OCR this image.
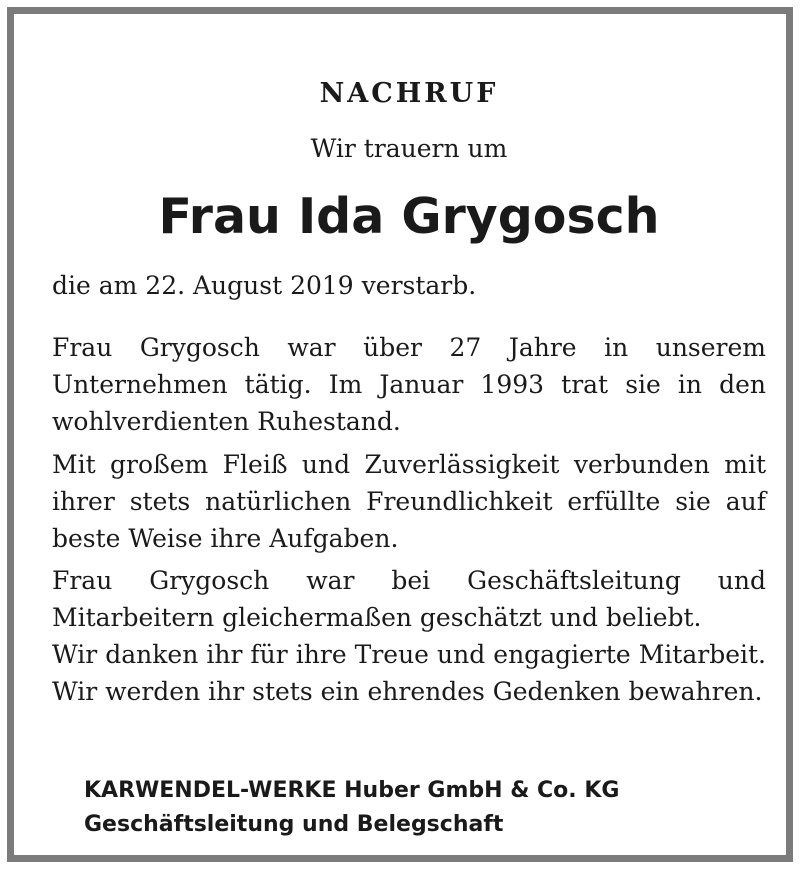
NACHRUF
Wir trauern um
Frau Ida Grygosch
die am 22. August 2019 verstarb.
Frau Grygosch war über 27 Jahre in unserem Unternehmen tätig. Im Januar 1993 trat sie in den wohlverdienten Ruhestand.
Mit großem Fleiß und Zuverlässigkeit verbunden mit ihrer stets natürlichen Freundlichkeit erfüllte sie auf beste Weise ihre Aufgaben.
Frau Grygosch war bei Geschäftsleitung und Mitarbeitern gleichermaßen geschätzt und beliebt.
Wir danken ihr für ihre Treue und engagierte Mitarbeit. Wir werden ihr stets ein ehrendes Gedenken bewahren.
KARWENDEL-WERKE Huber GmbH & Co. KG
Geschäftsleitung und Belegschaft
